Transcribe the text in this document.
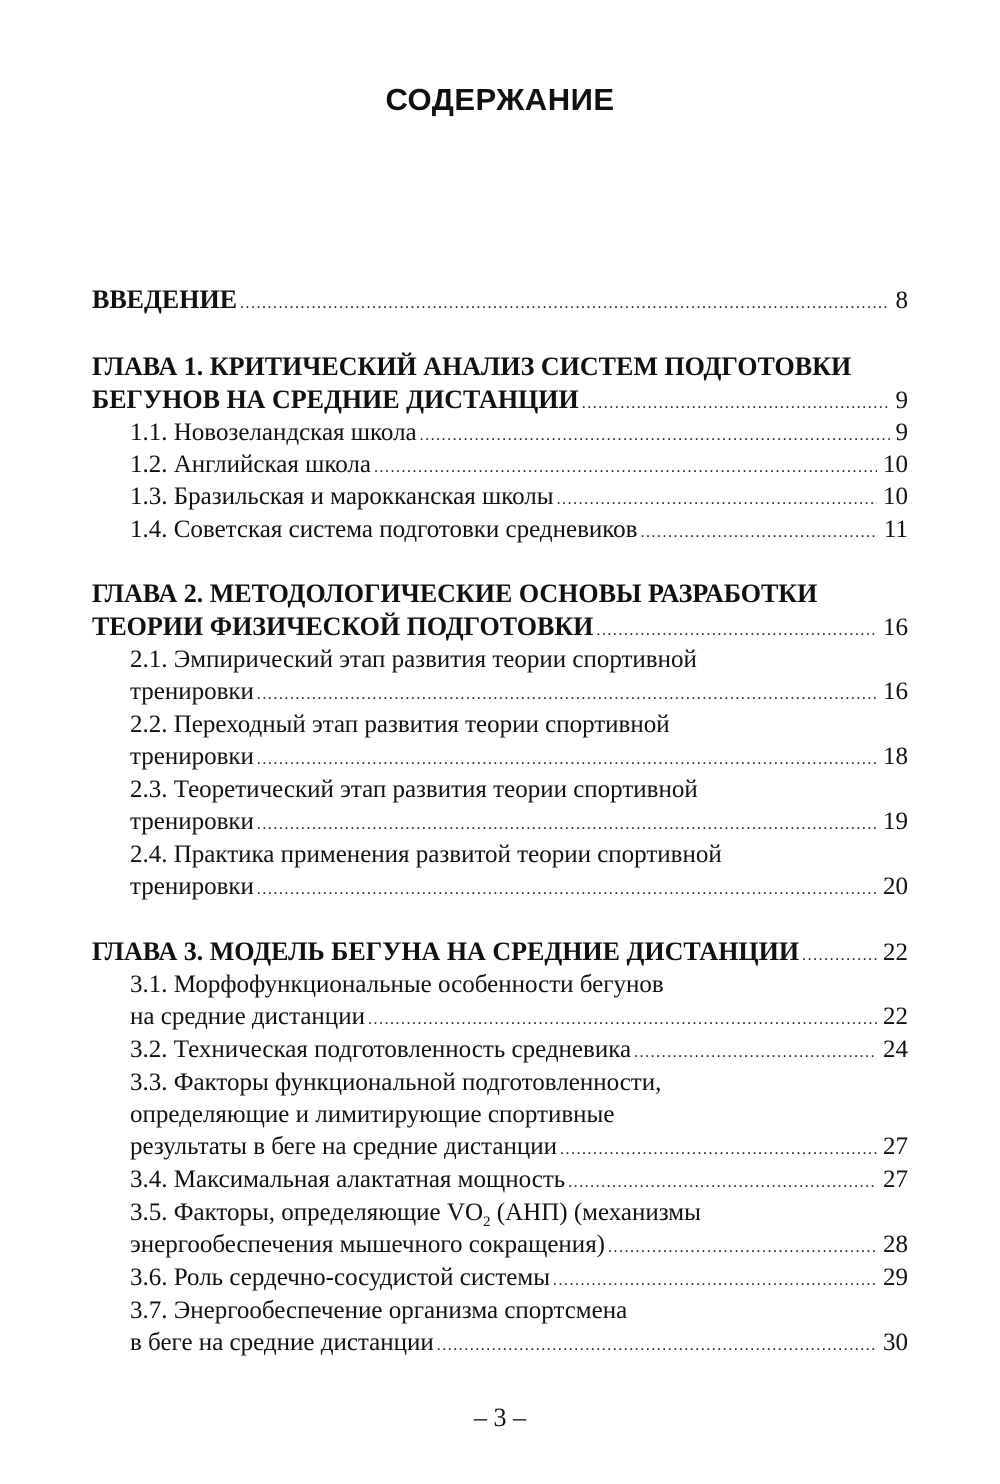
СОДЕРЖАНИЕ
ВВЕДЕНИЕ .....	8
ГЛАВА 1. КРИТИЧЕСКИЙ АНАЛИЗ СИСТЕМ ПОДГОТОВКИ
БЕГУНОВ НА СРЕДНИЕ ДИСТАНЦИИ .....	9
1.1. Новозеландская школа .....	9
1.2. Английская школа .....	10
1.3. Бразильская и марокканская школы .....	10
1.4. Советская система подготовки средневиков .....	11
ГЛАВА 2. МЕТОДОЛОГИЧЕСКИЕ ОСНОВЫ РАЗРАБОТКИ
ТЕОРИИ ФИЗИЧЕСКОЙ ПОДГОТОВКИ .....	16
2.1. Эмпирический этап развития теории спортивной
тренировки .....	16
2.2. Переходный этап развития теории спортивной
тренировки .....	18
2.3. Теоретический этап развития теории спортивной
тренировки .....	19
2.4. Практика применения развитой теории спортивной
тренировки .....	20
ГЛАВА 3. МОДЕЛЬ БЕГУНА НА СРЕДНИЕ ДИСТАНЦИИ .....	22
3.1. Морфофункциональные особенности бегунов
на средние дистанции .....	22
3.2. Техническая подготовленность средневика .....	24
3.3. Факторы функциональной подготовленности,
определяющие и лимитирующие спортивные
результаты в беге на средние дистанции .....	27
3.4. Максимальная алактатная мощность .....	27
3.5. Факторы, определяющие $VO_2$ (АНП) (механизмы
энергообеспечения мышечного сокращения) .....	28
3.6. Роль сердечно-сосудистой системы .....	29
3.7. Энергообеспечение организма спортсмена
в беге на средние дистанции .....	30
– 3 –
